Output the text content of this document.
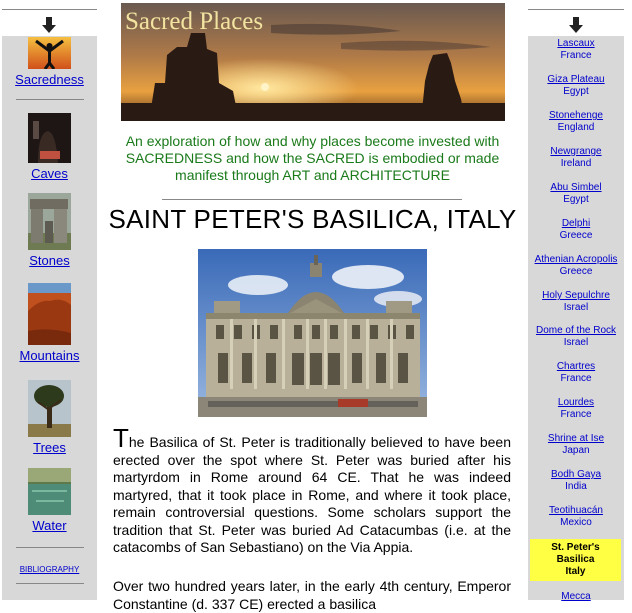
Sacredness
Caves
Stones
Mountains
Trees
Water
BIBLIOGRAPHY
Sacred Places
An exploration of how and why places become invested with SACREDNESS and how the SACRED is embodied or made manifest through ART and ARCHITECTURE
SAINT PETER'S BASILICA, ITALY

The Basilica of St. Peter is traditionally believed to have been erected over the spot where St. Peter was buried after his martyrdom in Rome around 64 CE. That he was indeed martyred, that it took place in Rome, and where it took place, remain controversial questions. Some scholars support the tradition that St. Peter was buried Ad Catacumbas (i.e. at the catacombs of San Sebastiano) on the Via Appia.

Over two hundred years later, in the early 4th century, Emperor Constantine (d. 337 CE) erected a basilica

Lascaux
France
Giza Plateau
Egypt
Stonehenge
England
Newgrange
Ireland
Abu Simbel
Egypt
Delphi
Greece
Athenian Acropolis
Greece
Holy Sepulchre
Israel
Dome of the Rock
Israel
Chartres
France
Lourdes
France
Shrine at Ise
Japan
Bodh Gaya
India
Teotihuacán
Mexico
St. Peter's
Basilica
Italy
Mecca
